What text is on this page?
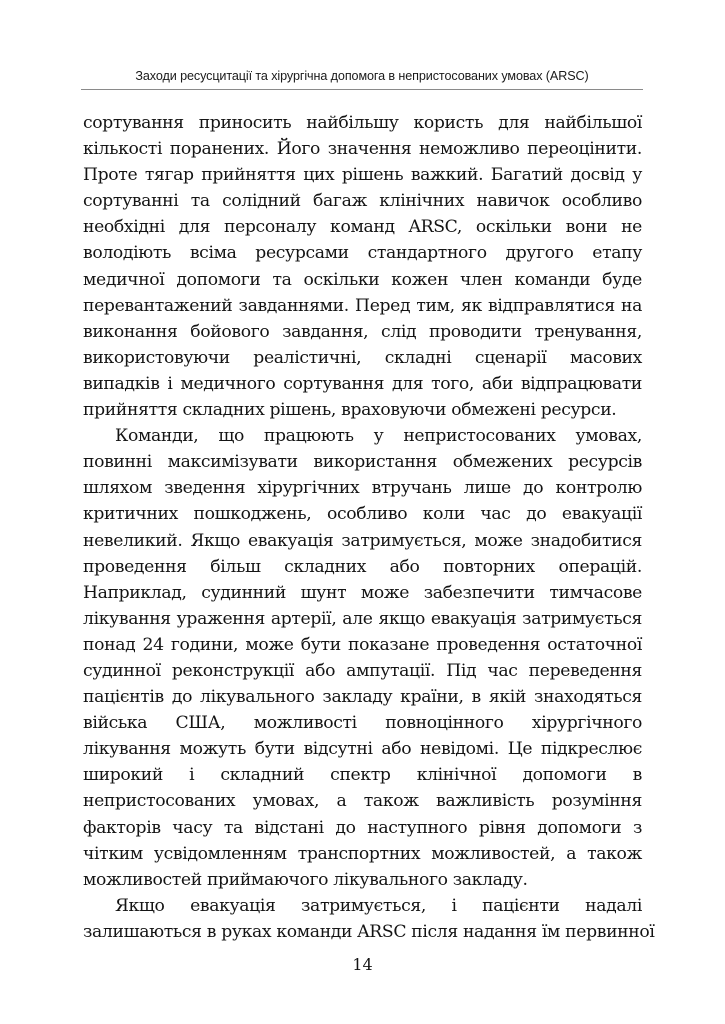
Заходи ресусцитації та хірургічна допомога в непристосованих умовах (ARSC)
сортування приносить найбільшу користь для найбільшої
кількості поранених. Його значення неможливо переоцінити.
Проте тягар прийняття цих рішень важкий. Багатий досвід у
сортуванні та солідний багаж клінічних навичок особливо
необхідні для персоналу команд ARSC, оскільки вони не
володіють всіма ресурсами стандартного другого етапу
медичної допомоги та оскільки кожен член команди буде
перевантажений завданнями. Перед тим, як відправлятися на
виконання бойового завдання, слід проводити тренування,
використовуючи реалістичні, складні сценарії масових
випадків і медичного сортування для того, аби відпрацювати
прийняття складних рішень, враховуючи обмежені ресурси.
Команди, що працюють у непристосованих умовах,
повинні максимізувати використання обмежених ресурсів
шляхом зведення хірургічних втручань лише до контролю
критичних пошкоджень, особливо коли час до евакуації
невеликий. Якщо евакуація затримується, може знадобитися
проведення більш складних або повторних операцій.
Наприклад, судинний шунт може забезпечити тимчасове
лікування ураження артерії, але якщо евакуація затримується
понад 24 години, може бути показане проведення остаточної
судинної реконструкції або ампутації. Під час переведення
пацієнтів до лікувального закладу країни, в якій знаходяться
війська США, можливості повноцінного хірургічного
лікування можуть бути відсутні або невідомі. Це підкреслює
широкий і складний спектр клінічної допомоги в
непристосованих умовах, а також важливість розуміння
факторів часу та відстані до наступного рівня допомоги з
чітким усвідомленням транспортних можливостей, а також
можливостей приймаючого лікувального закладу.
Якщо евакуація затримується, і пацієнти надалі
залишаються в руках команди ARSC після надання їм первинної
14
